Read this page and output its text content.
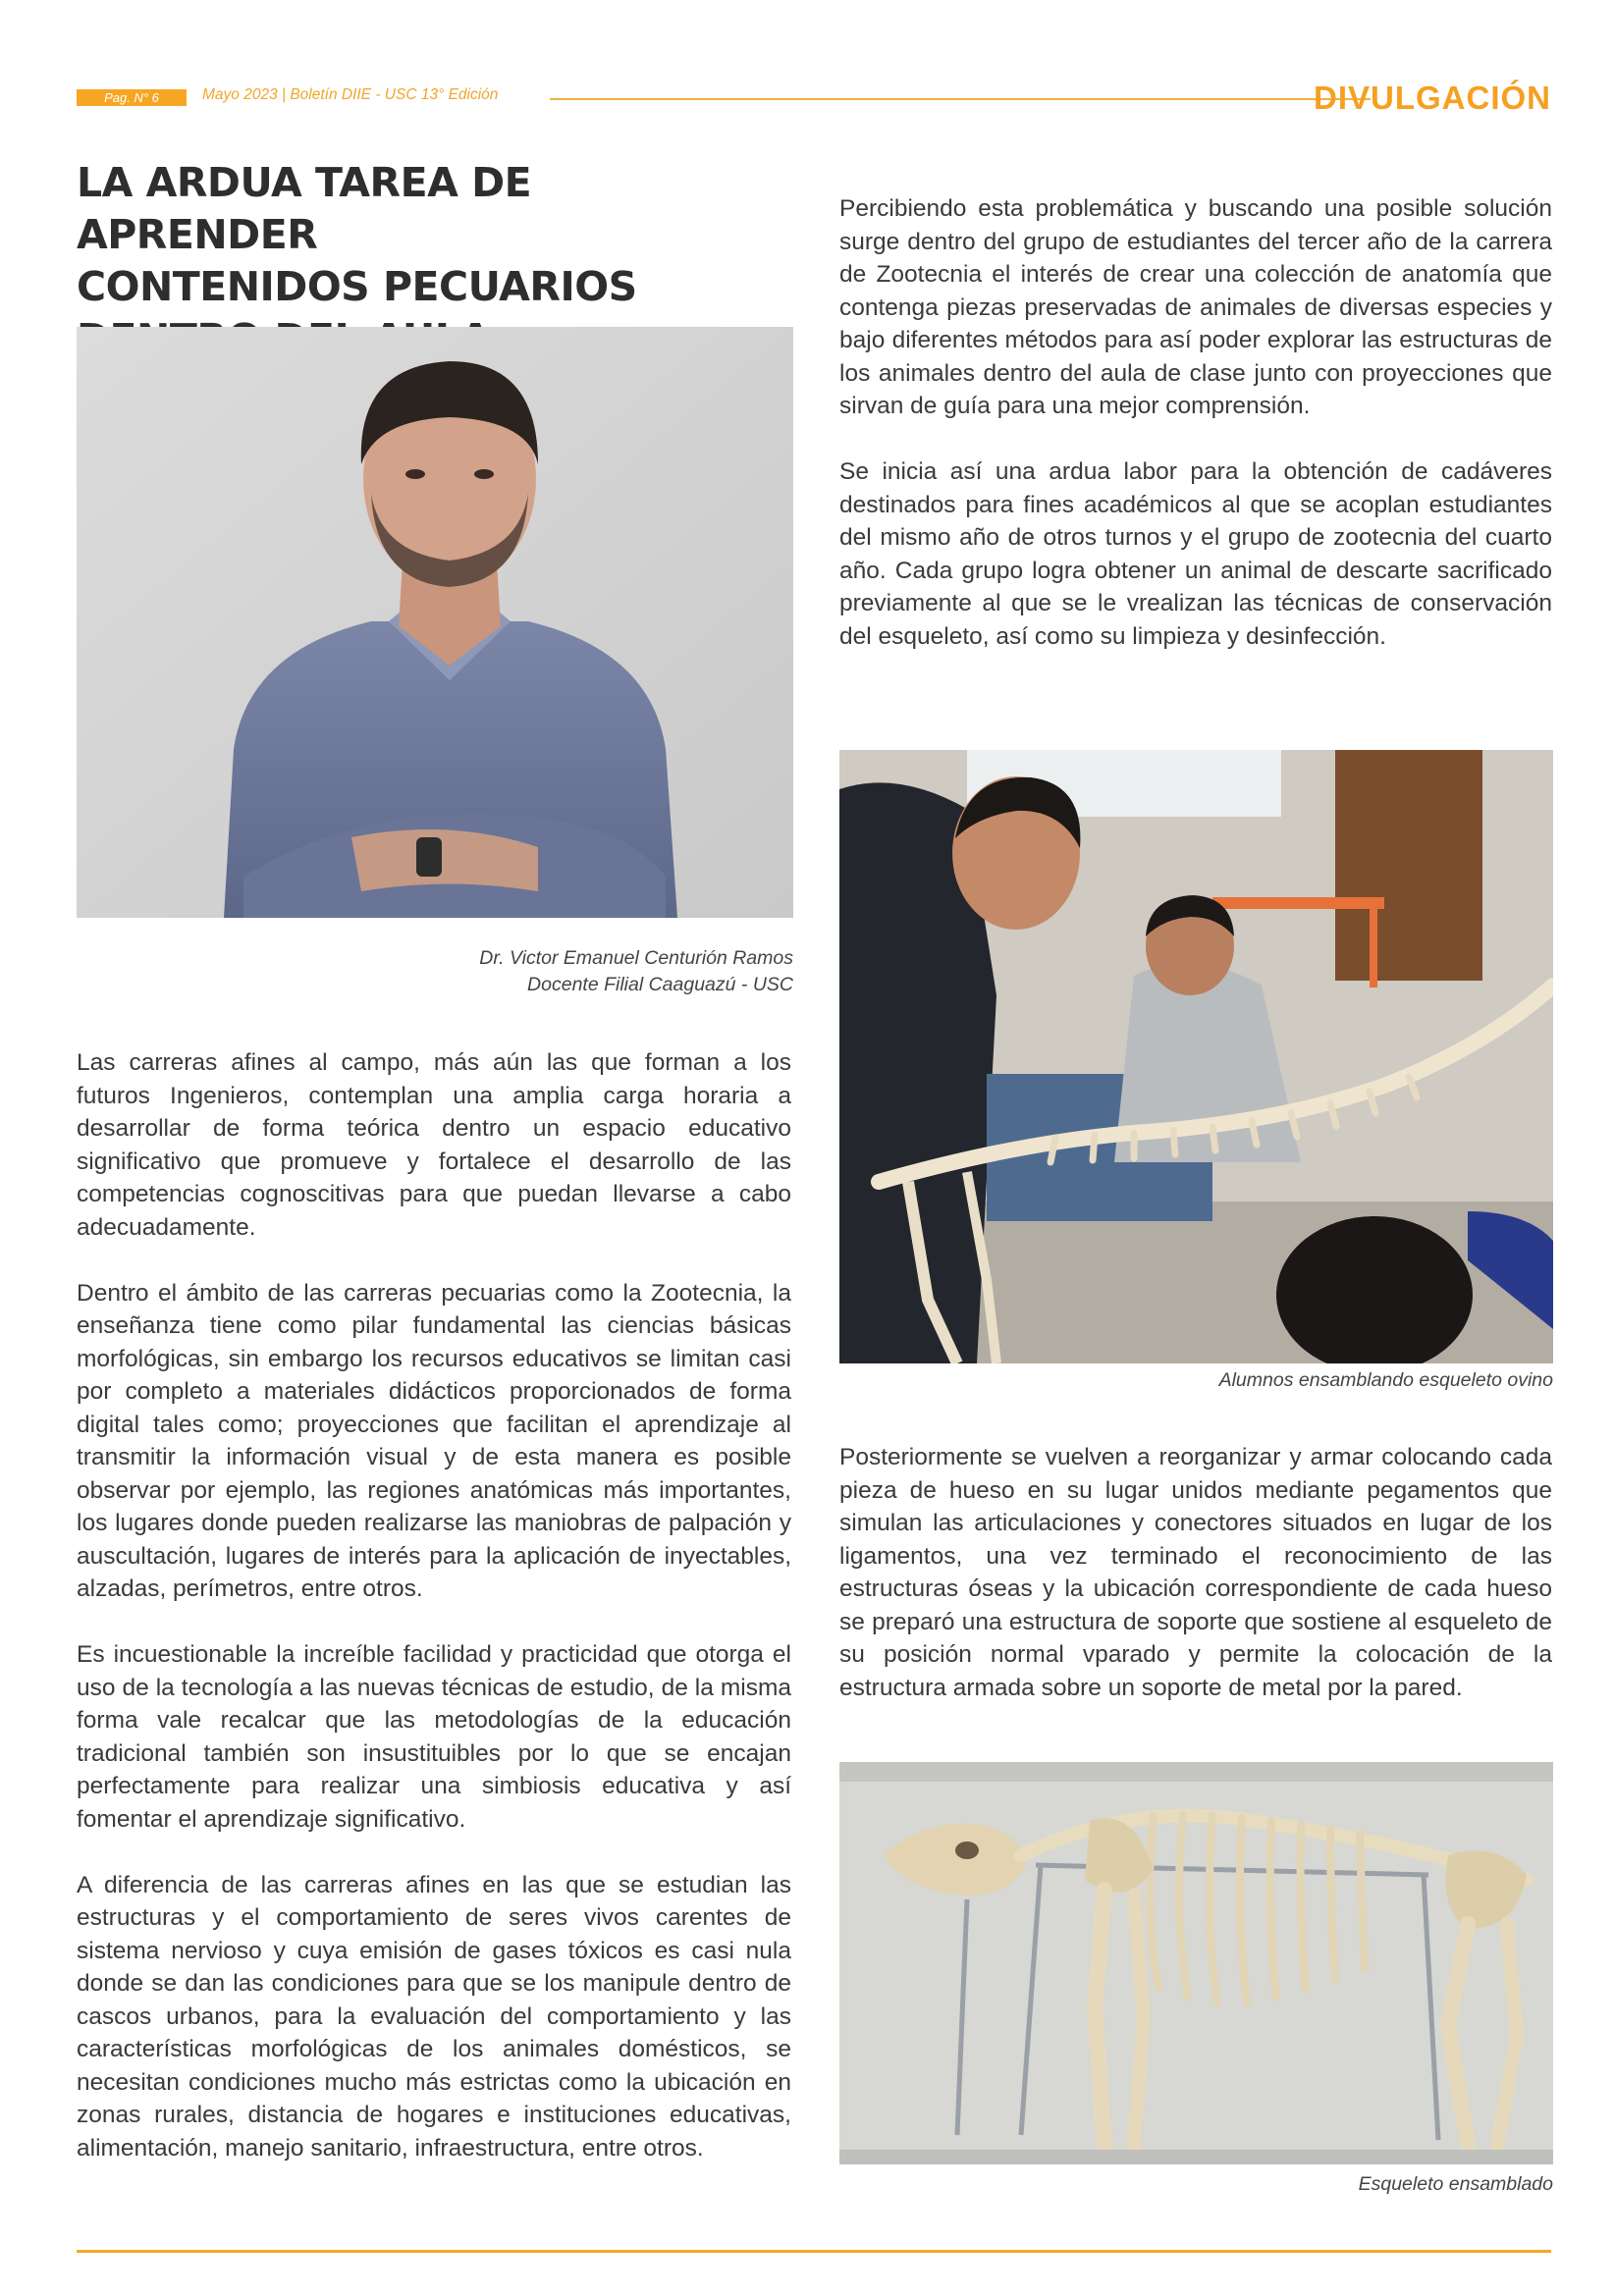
Pag. N° 6	Mayo 2023 | Boletín DIIE - USC 13° Edición	DIVULGACIÓN
LA ARDUA TAREA DE APRENDER
CONTENIDOS PECUARIOS

Dr. Victor Emanuel Centurión Ramos
Docente Filial Caaguazú - USC

Las carreras afines al campo, más aún las que forman a los futuros Ingenieros, contemplan una amplia carga horaria a desarrollar de forma teórica dentro un espacio educativo significativo que promueve y fortalece el desarrollo de las competencias cognoscitivas para que puedan llevarse a cabo adecuadamente.

Dentro el ámbito de las carreras pecuarias como la Zootecnia, la enseñanza tiene como pilar fundamental las ciencias básicas morfológicas, sin embargo los recursos educativos se limitan casi por completo a materiales didácticos proporcionados de forma digital tales como; proyecciones que facilitan el aprendizaje al transmitir la información visual y de esta manera es posible observar por ejemplo, las regiones anatómicas más importantes, los lugares donde pueden realizarse las maniobras de palpación y auscultación, lugares de interés para la aplicación de inyectables, alzadas, perímetros, entre otros.

Es incuestionable la increíble facilidad y practicidad que otorga el uso de la tecnología a las nuevas técnicas de estudio, de la misma forma vale recalcar que las metodologías de la educación tradicional también son insustituibles por lo que se encajan perfectamente para realizar una simbiosis educativa y así fomentar el aprendizaje significativo.

A diferencia de las carreras afines en las que se estudian las estructuras y el comportamiento de seres vivos carentes de sistema nervioso y cuya emisión de gases tóxicos es casi nula donde se dan las condiciones para que se los manipule dentro de cascos urbanos, para la evaluación del comportamiento y las características morfológicas de los animales domésticos, se necesitan condiciones mucho más estrictas como la ubicación en zonas rurales, distancia de hogares e instituciones educativas, alimentación, manejo sanitario, infraestructura, entre otros.

Percibiendo esta problemática y buscando una posible solución surge dentro del grupo de estudiantes del tercer año de la carrera de Zootecnia el interés de crear una colección de anatomía que contenga piezas preservadas de animales de diversas especies y bajo diferentes métodos para así poder explorar las estructuras de los animales dentro del aula de clase junto con proyecciones que sirvan de guía para una mejor comprensión.

Se inicia así una ardua labor para la obtención de cadáveres destinados para fines académicos al que se acoplan estudiantes del mismo año de otros turnos y el grupo de zootecnia del cuarto año. Cada grupo logra obtener un animal de descarte sacrificado previamente al que se le vrealizan las técnicas de conservación del esqueleto, así como su limpieza y desinfección.

Alumnos ensamblando esqueleto ovino

Posteriormente se vuelven a reorganizar y armar colocando cada pieza de hueso en su lugar unidos mediante pegamentos que simulan las articulaciones y conectores situados en lugar de los ligamentos, una vez terminado el reconocimiento de las estructuras óseas y la ubicación correspondiente de cada hueso se preparó una estructura de soporte que sostiene al esqueleto de su posición normal vparado y permite la colocación de la estructura armada sobre un soporte de metal por la pared.

Esqueleto ensamblado
